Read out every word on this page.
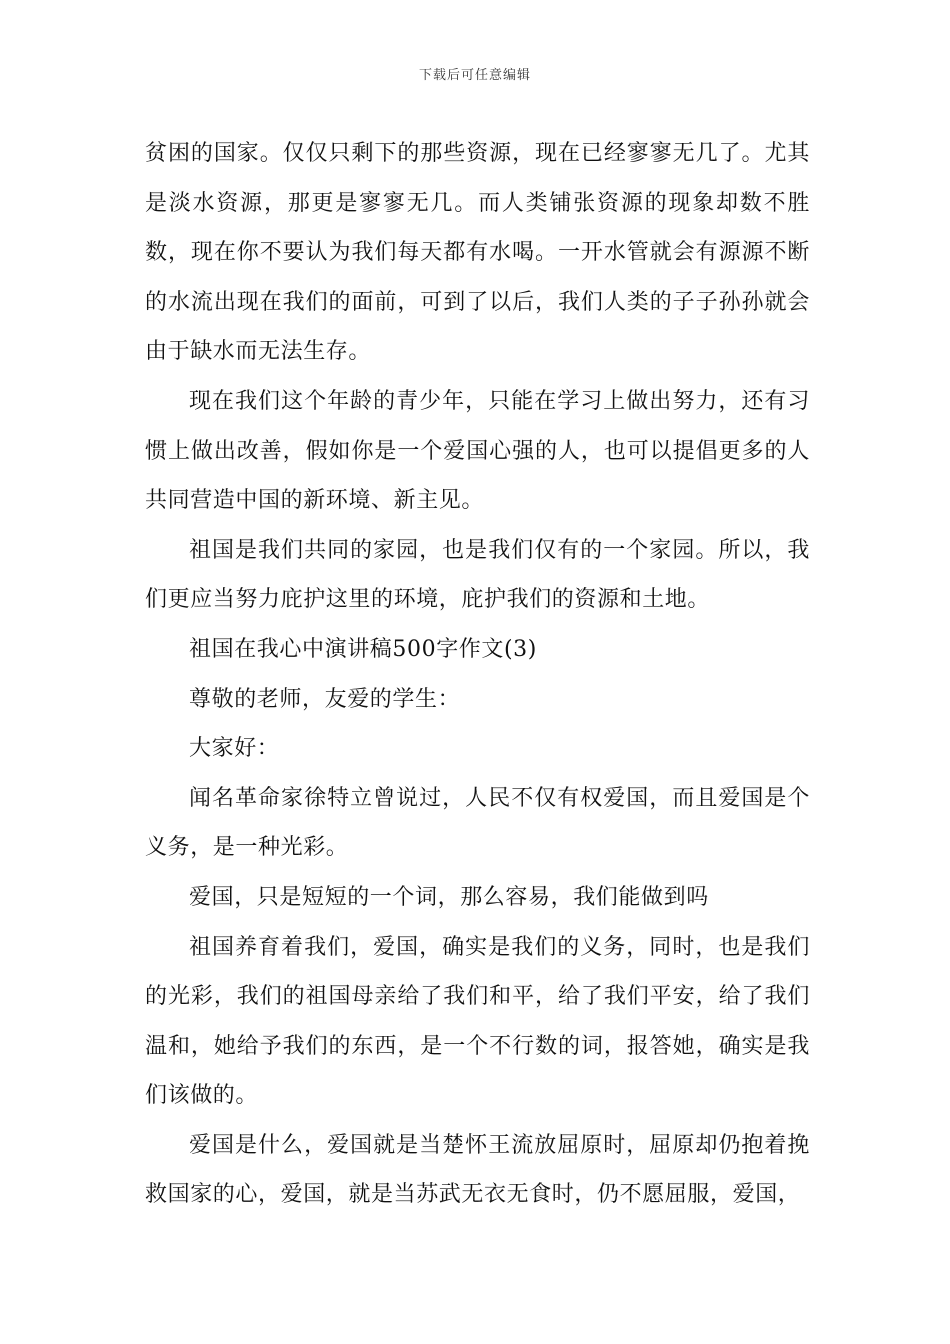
下载后可任意编辑

贫困的国家。仅仅只剩下的那些资源，现在已经寥寥无几了。尤其是淡水资源，那更是寥寥无几。而人类铺张资源的现象却数不胜数，现在你不要认为我们每天都有水喝。一开水管就会有源源不断的水流出现在我们的面前，可到了以后，我们人类的子子孙孙就会由于缺水而无法生存。

现在我们这个年龄的青少年，只能在学习上做出努力，还有习惯上做出改善，假如你是一个爱国心强的人，也可以提倡更多的人共同营造中国的新环境、新主见。

祖国是我们共同的家园，也是我们仅有的一个家园。所以，我们更应当努力庇护这里的环境，庇护我们的资源和土地。

祖国在我心中演讲稿500字作文(3)

尊敬的老师，友爱的学生：

大家好：

闻名革命家徐特立曾说过，人民不仅有权爱国，而且爱国是个义务，是一种光彩。

爱国，只是短短的一个词，那么容易，我们能做到吗

祖国养育着我们，爱国，确实是我们的义务，同时，也是我们的光彩，我们的祖国母亲给了我们和平，给了我们平安，给了我们温和，她给予我们的东西，是一个不行数的词，报答她，确实是我们该做的。

爱国是什么，爱国就是当楚怀王流放屈原时，屈原却仍抱着挽救国家的心，爱国，就是当苏武无衣无食时，仍不愿屈服，爱国，
